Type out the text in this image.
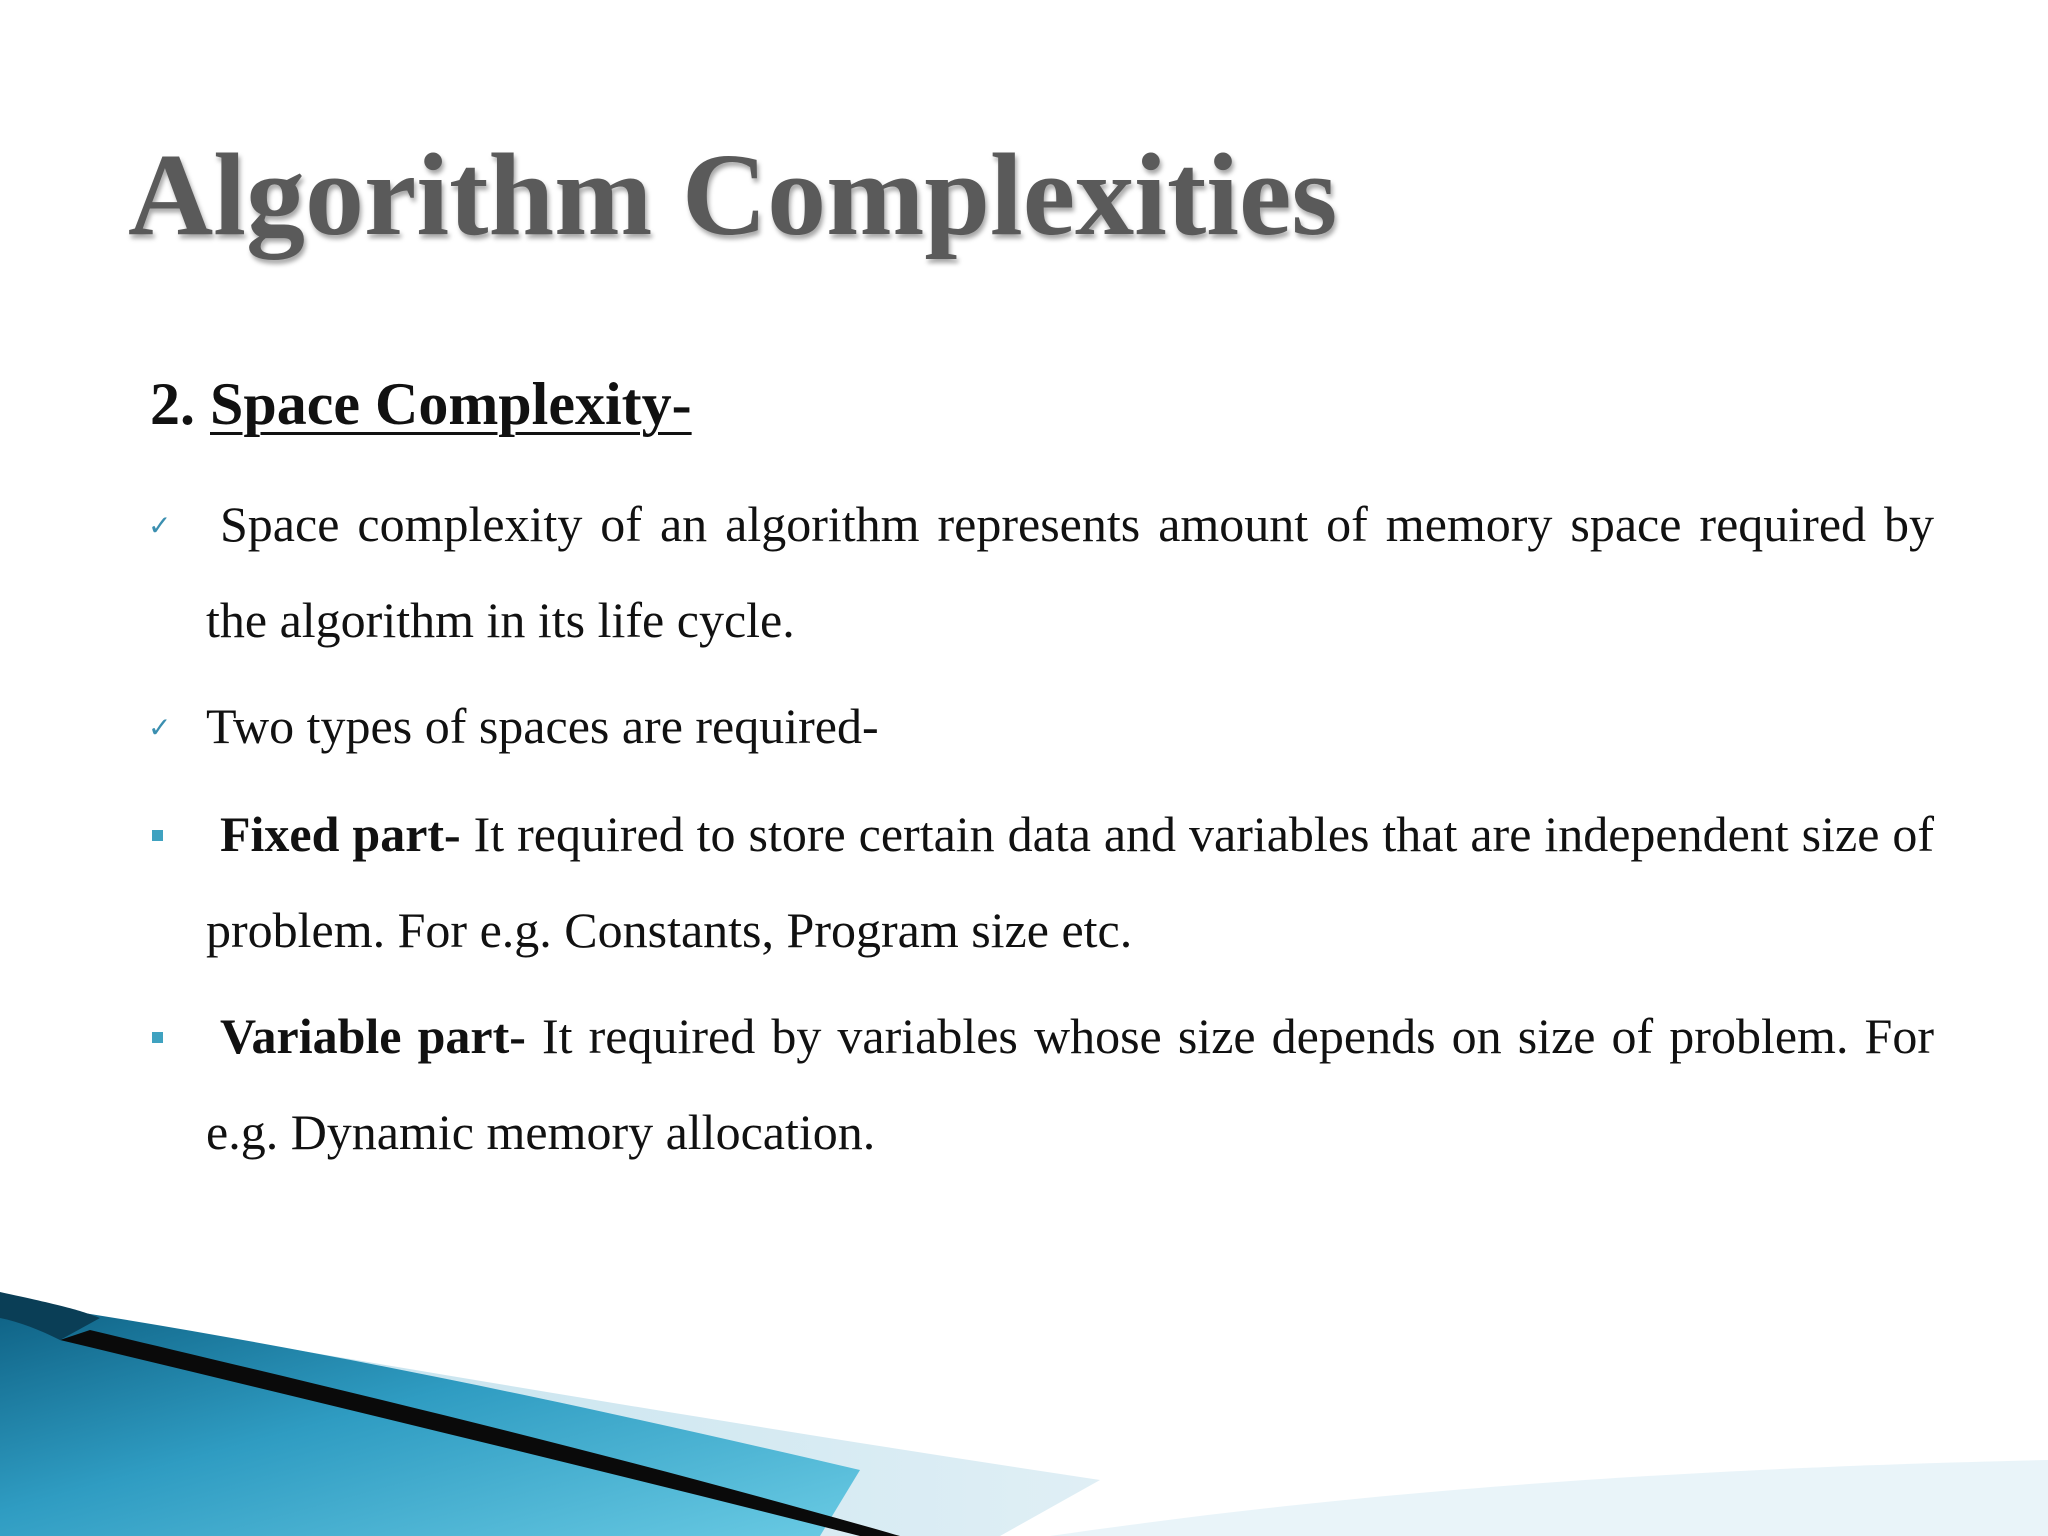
Algorithm Complexities
2. Space Complexity-
✓ Space complexity of an algorithm represents amount of memory space required by the algorithm in its life cycle.
✓ Two types of spaces are required-
Fixed part- It required to store certain data and variables that are independent size of problem. For e.g. Constants, Program size etc.
Variable part- It required by variables whose size depends on size of problem. For e.g. Dynamic memory allocation.
